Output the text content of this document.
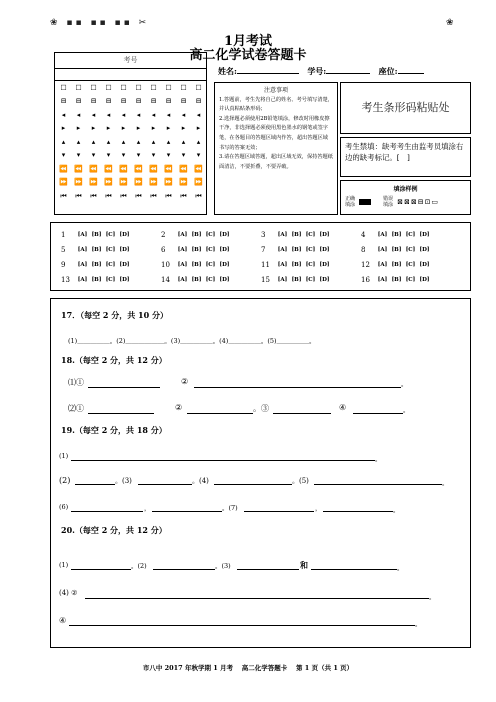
❀ ▪▪ ▪▪ ▪▪ ✂	❀
1月考试
高二化学试卷答题卡
姓名:	学号:	座位:
考号
☐	☐	☐	☐	☐	☐	☐	☐	☐	☐
⊟	⊟	⊟	⊟	⊟	⊟	⊟	⊟	⊟	⊟
◂	◂	◂	◂	◂	◂	◂	◂	◂	◂
▸	▸	▸	▸	▸	▸	▸	▸	▸	▸
▴	▴	▴	▴	▴	▴	▴	▴	▴	▴
▾	▾	▾	▾	▾	▾	▾	▾	▾	▾
⏪ ⏪ ⏪ ⏪ ⏪ ⏪ ⏪ ⏪ ⏪ ⏪
⏩ ⏩ ⏩ ⏩ ⏩ ⏩ ⏩ ⏩ ⏩ ⏩
⏮	⏮	⏮	⏮	⏮	⏮	⏮	⏮	⏮	⏮
注意事项
1.答题前，考生先将自己的姓名、考号填写清楚，并认真粘贴条形码；
2.选择题必须使用2B铅笔填涂，修改时用橡皮擦干净，非选择题必须使用黑色墨水的钢笔或签字笔，在各题目的答题区域内作答，超出答题区域书写的答案无效；
3.请在答题区域答题，超出区域无效，保持答题纸面清洁，不要折叠，不要弄破。
考生条形码粘贴处
考生禁填：缺考考生由监考员填涂右边的缺考标记。[　]
填涂样例
正确填涂
错误填涂 ⊠⊠⊠⊟⊡▭
1	[A] [B] [C] [D]	2	[A] [B] [C] [D]	3	[A] [B] [C] [D]	4	[A] [B] [C] [D]
5	[A] [B] [C] [D]	6	[A] [B] [C] [D]	7	[A] [B] [C] [D]	8	[A] [B] [C] [D]
9	[A] [B] [C] [D]	10	[A] [B] [C] [D]	11	[A] [B] [C] [D]	12	[A] [B] [C] [D]
13	[A] [B] [C] [D]	14	[A] [B] [C] [D]	15	[A] [B] [C] [D]	16	[A] [B] [C] [D]
17．（每空 2 分，共 10 分）
(1)＿＿＿＿＿。(2)＿＿＿＿＿＿。(3)＿＿＿＿＿。(4)＿＿＿＿＿。(5)＿＿＿＿＿。
18.（每空 2 分，共 12 分）
⑴①	②	。
⑵①	②	。③	④	。
19.（每空 2 分，共 18 分）
(1)	。
(2)	。(3)	。(4)	。(5)	。
(6)	，	。(7)	，	。
20.（每空 2 分，共 12 分）
(1)	。(2)	。(3)	和	。
(4) ②	。
④	。
市八中 2017 年秋学期 1 月考　 高二化学答题卡　 第 1 页（共 1 页）
